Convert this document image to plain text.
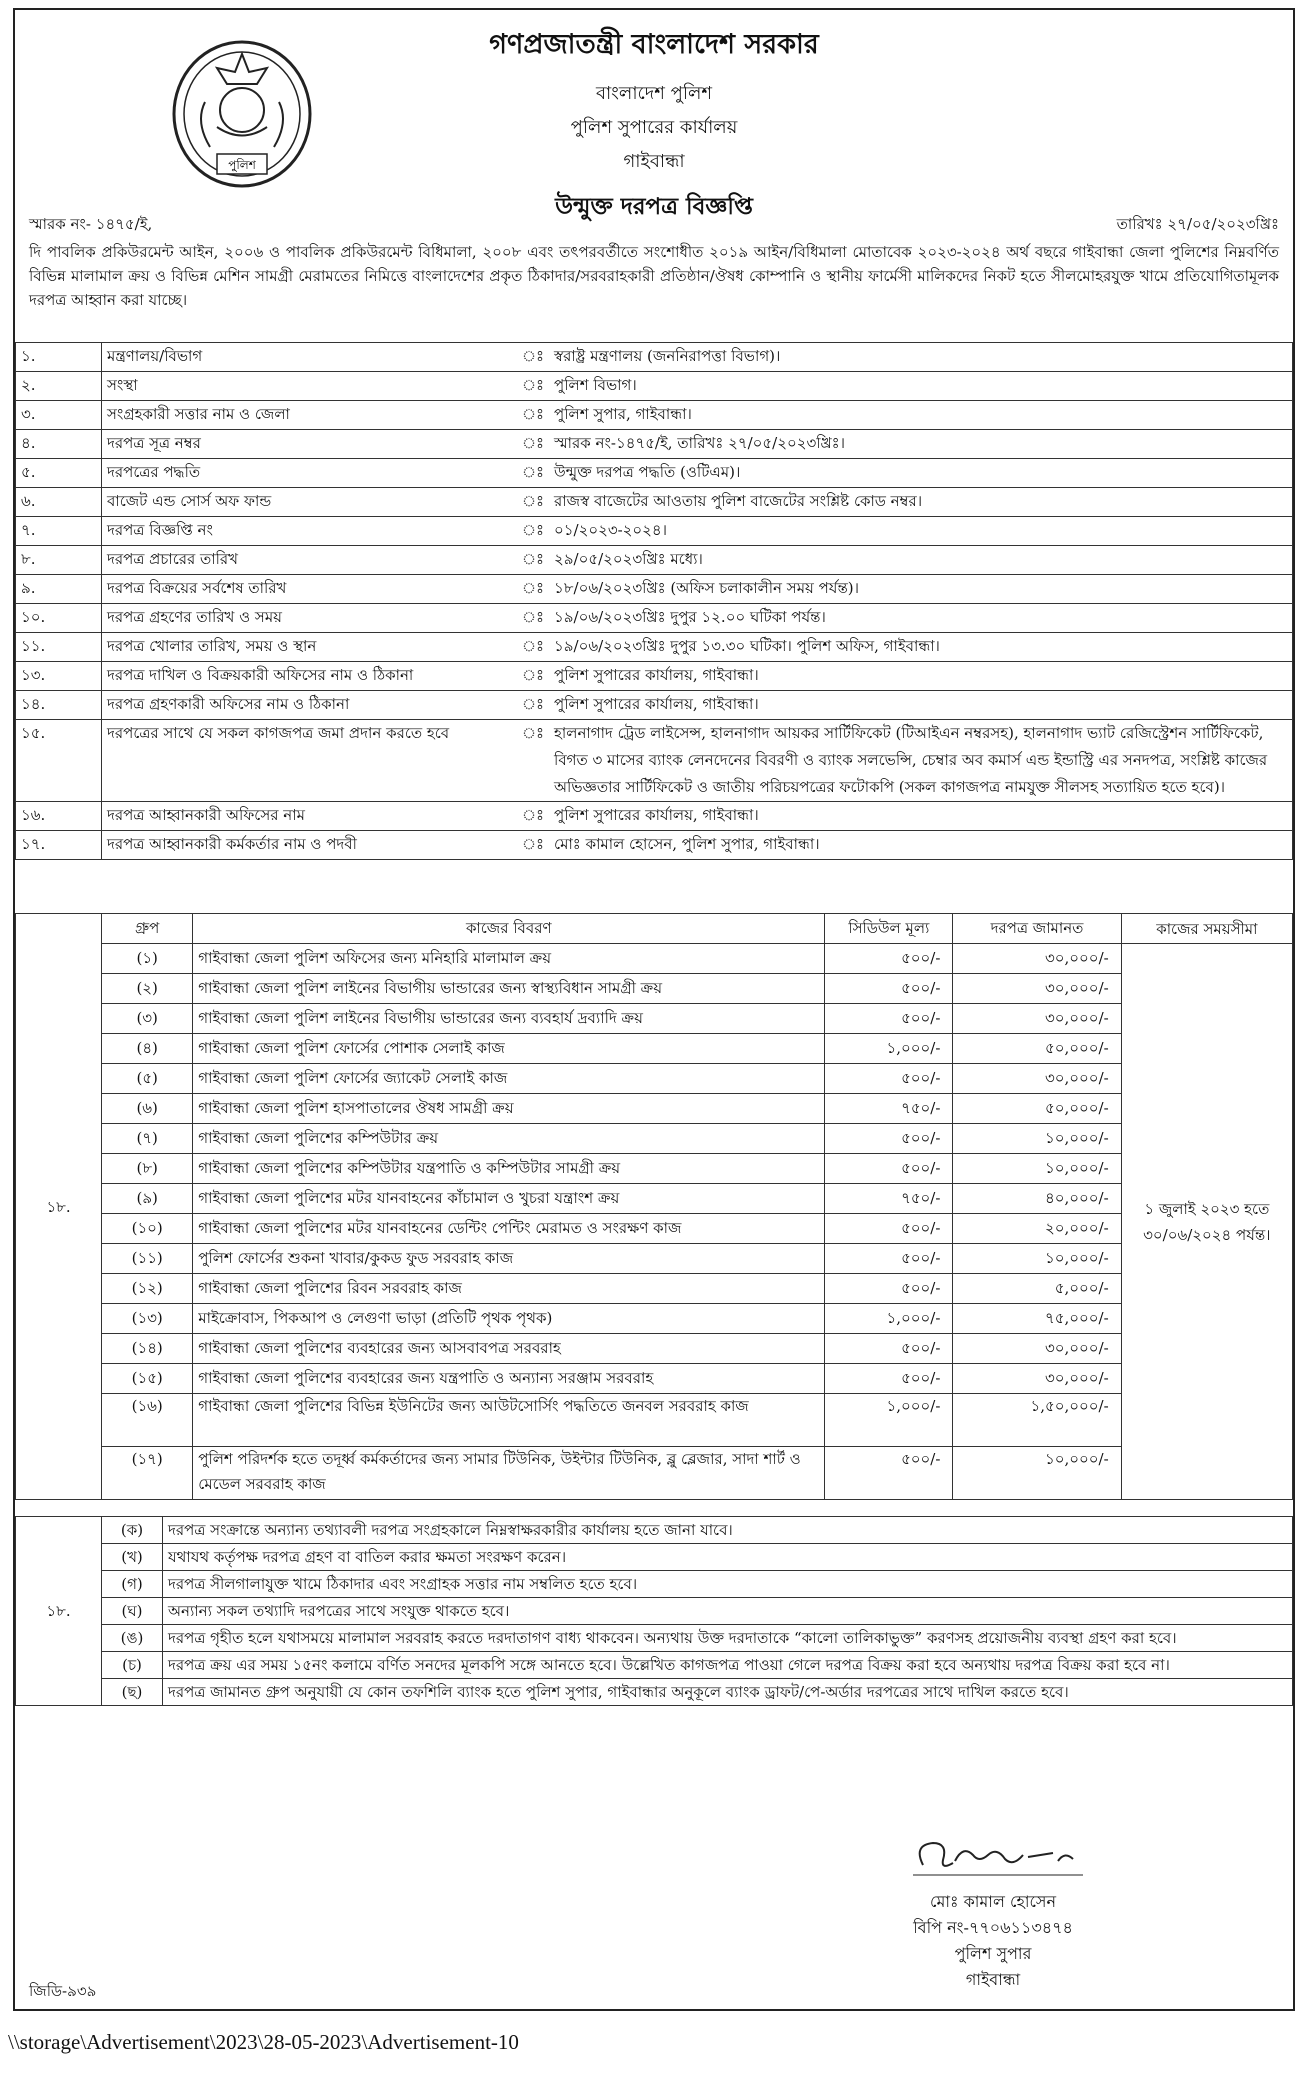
পুলিশ
গণপ্রজাতন্ত্রী বাংলাদেশ সরকার
বাংলাদেশ পুলিশ
পুলিশ সুপারের কার্যালয়
গাইবান্ধা
উন্মুক্ত দরপত্র বিজ্ঞপ্তি
স্মারক নং- ১৪৭৫/ই,	তারিখঃ ২৭/০৫/২০২৩খ্রিঃ
দি পাবলিক প্রকিউরমেন্ট আইন, ২০০৬ ও পাবলিক প্রকিউরমেন্ট বিধিমালা, ২০০৮ এবং তৎপরবর্তীতে সংশোধীত ২০১৯ আইন/বিধিমালা মোতাবেক ২০২৩-২০২৪ অর্থ বছরে গাইবান্ধা জেলা পুলিশের নিম্নবর্ণিত বিভিন্ন মালামাল ক্রয় ও বিভিন্ন মেশিন সামগ্রী মেরামতের নিমিত্তে বাংলাদেশের প্রকৃত ঠিকাদার/সরবরাহকারী প্রতিষ্ঠান/ঔষধ কোম্পানি ও স্থানীয় ফার্মেসী মালিকদের নিকট হতে সীলমোহরযুক্ত খামে প্রতিযোগিতামূলক দরপত্র আহ্বান করা যাচ্ছে।
১.	মন্ত্রণালয়/বিভাগ	ঃ	স্বরাষ্ট্র মন্ত্রণালয় (জননিরাপত্তা বিভাগ)।
২.	সংস্থা	ঃ	পুলিশ বিভাগ।
৩.	সংগ্রহকারী সত্তার নাম ও জেলা	ঃ	পুলিশ সুপার, গাইবান্ধা।
৪.	দরপত্র সূত্র নম্বর	ঃ	স্মারক নং-১৪৭৫/ই, তারিখঃ ২৭/০৫/২০২৩খ্রিঃ।
৫.	দরপত্রের পদ্ধতি	ঃ	উন্মুক্ত দরপত্র পদ্ধতি (ওটিএম)।
৬.	বাজেট এন্ড সোর্স অফ ফান্ড	ঃ	রাজস্ব বাজেটের আওতায় পুলিশ বাজেটের সংশ্লিষ্ট কোড নম্বর।
৭.	দরপত্র বিজ্ঞপ্তি নং	ঃ	০১/২০২৩-২০২৪।
৮.	দরপত্র প্রচারের তারিখ	ঃ	২৯/০৫/২০২৩খ্রিঃ মধ্যে।
৯.	দরপত্র বিক্রয়ের সর্বশেষ তারিখ	ঃ	১৮/০৬/২০২৩খ্রিঃ (অফিস চলাকালীন সময় পর্যন্ত)।
১০.	দরপত্র গ্রহণের তারিখ ও সময়	ঃ	১৯/০৬/২০২৩খ্রিঃ দুপুর ১২.০০ ঘটিকা পর্যন্ত।
১১.	দরপত্র খোলার তারিখ, সময় ও স্থান	ঃ	১৯/০৬/২০২৩খ্রিঃ দুপুর ১৩.৩০ ঘটিকা। পুলিশ অফিস, গাইবান্ধা।
১৩.	দরপত্র দাখিল ও বিক্রয়কারী অফিসের নাম ও ঠিকানা	ঃ	পুলিশ সুপারের কার্যালয়, গাইবান্ধা।
১৪.	দরপত্র গ্রহণকারী অফিসের নাম ও ঠিকানা	ঃ	পুলিশ সুপারের কার্যালয়, গাইবান্ধা।
১৫.	দরপত্রের সাথে যে সকল কাগজপত্র জমা প্রদান করতে হবে	ঃ	হালনাগাদ ট্রেড লাইসেন্স, হালনাগাদ আয়কর সার্টিফিকেট (টিআইএন নম্বরসহ), হালনাগাদ ভ্যাট রেজিস্ট্রেশন সার্টিফিকেট, বিগত ৩ মাসের ব্যাংক লেনদেনের বিবরণী ও ব্যাংক সলভেন্সি, চেম্বার অব কমার্স এন্ড ইন্ডাস্ট্রি এর সনদপত্র, সংশ্লিষ্ট কাজের অভিজ্ঞতার সার্টিফিকেট ও জাতীয় পরিচয়পত্রের ফটোকপি (সকল কাগজপত্র নামযুক্ত সীলসহ সত্যায়িত হতে হবে)।
১৬.	দরপত্র আহ্বানকারী অফিসের নাম	ঃ	পুলিশ সুপারের কার্যালয়, গাইবান্ধা।
১৭.	দরপত্র আহ্বানকারী কর্মকর্তার নাম ও পদবী	ঃ	মোঃ কামাল হোসেন, পুলিশ সুপার, গাইবান্ধা।
১৮.	গ্রুপ	কাজের বিবরণ	সিডিউল মূল্য	দরপত্র জামানত	কাজের সময়সীমা
	(১)	গাইবান্ধা জেলা পুলিশ অফিসের জন্য মনিহারি মালামাল ক্রয়	৫০০/-	৩০,০০০/-	১ জুলাই ২০২৩ হতে ৩০/০৬/২০২৪ পর্যন্ত।
	(২)	গাইবান্ধা জেলা পুলিশ লাইনের বিভাগীয় ভান্ডারের জন্য স্বাস্থ্যবিধান সামগ্রী ক্রয়	৫০০/-	৩০,০০০/-	
	(৩)	গাইবান্ধা জেলা পুলিশ লাইনের বিভাগীয় ভান্ডারের জন্য ব্যবহার্য দ্রব্যাদি ক্রয়	৫০০/-	৩০,০০০/-	
	(৪)	গাইবান্ধা জেলা পুলিশ ফোর্সের পোশাক সেলাই কাজ	১,০০০/-	৫০,০০০/-	
	(৫)	গাইবান্ধা জেলা পুলিশ ফোর্সের জ্যাকেট সেলাই কাজ	৫০০/-	৩০,০০০/-	
	(৬)	গাইবান্ধা জেলা পুলিশ হাসপাতালের ঔষধ সামগ্রী ক্রয়	৭৫০/-	৫০,০০০/-	
	(৭)	গাইবান্ধা জেলা পুলিশের কম্পিউটার ক্রয়	৫০০/-	১০,০০০/-	
	(৮)	গাইবান্ধা জেলা পুলিশের কম্পিউটার যন্ত্রপাতি ও কম্পিউটার সামগ্রী ক্রয়	৫০০/-	১০,০০০/-	
	(৯)	গাইবান্ধা জেলা পুলিশের মটর যানবাহনের কাঁচামাল ও খুচরা যন্ত্রাংশ ক্রয়	৭৫০/-	৪০,০০০/-	
	(১০)	গাইবান্ধা জেলা পুলিশের মটর যানবাহনের ডেন্টিং পেন্টিং মেরামত ও সংরক্ষণ কাজ	৫০০/-	২০,০০০/-	
	(১১)	পুলিশ ফোর্সের শুকনা খাবার/কুকড ফুড সরবরাহ কাজ	৫০০/-	১০,০০০/-	
	(১২)	গাইবান্ধা জেলা পুলিশের রিবন সরবরাহ কাজ	৫০০/-	৫,০০০/-	
	(১৩)	মাইক্রোবাস, পিকআপ ও লেগুণা ভাড়া (প্রতিটি পৃথক পৃথক)	১,০০০/-	৭৫,০০০/-	
	(১৪)	গাইবান্ধা জেলা পুলিশের ব্যবহারের জন্য আসবাবপত্র সরবরাহ	৫০০/-	৩০,০০০/-	
	(১৫)	গাইবান্ধা জেলা পুলিশের ব্যবহারের জন্য যন্ত্রপাতি ও অন্যান্য সরঞ্জাম সরবরাহ	৫০০/-	৩০,০০০/-	
	(১৬)	গাইবান্ধা জেলা পুলিশের বিভিন্ন ইউনিটের জন্য আউটসোর্সিং পদ্ধতিতে জনবল সরবরাহ কাজ	১,০০০/-	১,৫০,০০০/-	
	(১৭)	পুলিশ পরিদর্শক হতে তদূর্ধ্ব কর্মকর্তাদের জন্য সামার টিউনিক, উইন্টার টিউনিক, ব্লু ব্লেজার, সাদা শার্ট ও মেডেল সরবরাহ কাজ	৫০০/-	১০,০০০/-	
১৮.	(ক)	দরপত্র সংক্রান্তে অন্যান্য তথ্যাবলী দরপত্র সংগ্রহকালে নিম্নস্বাক্ষরকারীর কার্যালয় হতে জানা যাবে।
	(খ)	যথাযথ কর্তৃপক্ষ দরপত্র গ্রহণ বা বাতিল করার ক্ষমতা সংরক্ষণ করেন।
	(গ)	দরপত্র সীলগালাযুক্ত খামে ঠিকাদার এবং সংগ্রাহক সত্তার নাম সম্বলিত হতে হবে।
	(ঘ)	অন্যান্য সকল তথ্যাদি দরপত্রের সাথে সংযুক্ত থাকতে হবে।
	(ঙ)	দরপত্র গৃহীত হলে যথাসময়ে মালামাল সরবরাহ করতে দরদাতাগণ বাধ্য থাকবেন। অন্যথায় উক্ত দরদাতাকে “কালো তালিকাভুক্ত” করণসহ প্রয়োজনীয় ব্যবস্থা গ্রহণ করা হবে।
	(চ)	দরপত্র ক্রয় এর সময় ১৫নং কলামে বর্ণিত সনদের মূলকপি সঙ্গে আনতে হবে। উল্লেখিত কাগজপত্র পাওয়া গেলে দরপত্র বিক্রয় করা হবে অন্যথায় দরপত্র বিক্রয় করা হবে না।
	(ছ)	দরপত্র জামানত গ্রুপ অনুযায়ী যে কোন তফশিলি ব্যাংক হতে পুলিশ সুপার, গাইবান্ধার অনুকূলে ব্যাংক ড্রাফট/পে-অর্ডার দরপত্রের সাথে দাখিল করতে হবে।
মোঃ কামাল হোসেন
বিপি নং-৭৭০৬১১৩৪৭৪
পুলিশ সুপার
গাইবান্ধা
জিডি-৯৩৯
\\storage\Advertisement\2023\28-05-2023\Advertisement-10
